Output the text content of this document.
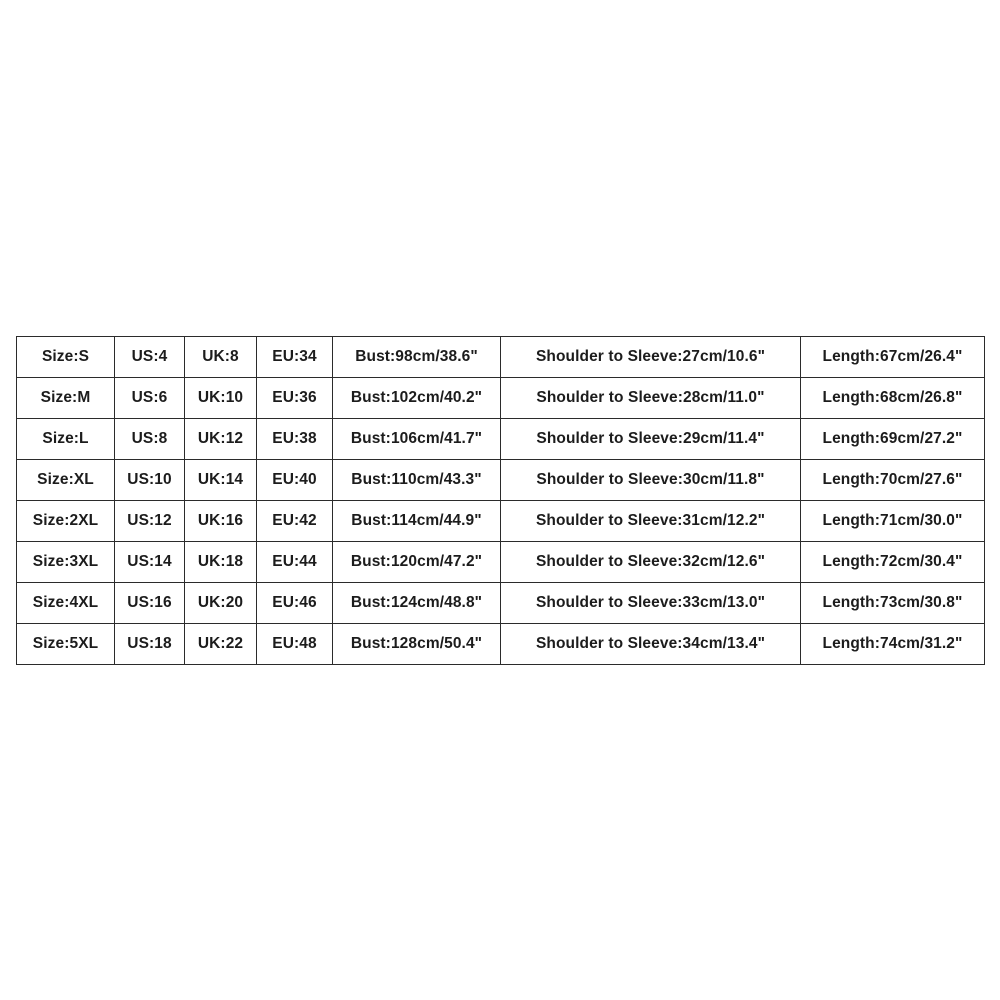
Size:S	US:4	UK:8	EU:34	Bust:98cm/38.6"	Shoulder to Sleeve:27cm/10.6"	Length:67cm/26.4"
Size:M	US:6	UK:10	EU:36	Bust:102cm/40.2"	Shoulder to Sleeve:28cm/11.0"	Length:68cm/26.8"
Size:L	US:8	UK:12	EU:38	Bust:106cm/41.7"	Shoulder to Sleeve:29cm/11.4"	Length:69cm/27.2"
Size:XL	US:10	UK:14	EU:40	Bust:110cm/43.3"	Shoulder to Sleeve:30cm/11.8"	Length:70cm/27.6"
Size:2XL	US:12	UK:16	EU:42	Bust:114cm/44.9"	Shoulder to Sleeve:31cm/12.2"	Length:71cm/30.0"
Size:3XL	US:14	UK:18	EU:44	Bust:120cm/47.2"	Shoulder to Sleeve:32cm/12.6"	Length:72cm/30.4"
Size:4XL	US:16	UK:20	EU:46	Bust:124cm/48.8"	Shoulder to Sleeve:33cm/13.0"	Length:73cm/30.8"
Size:5XL	US:18	UK:22	EU:48	Bust:128cm/50.4"	Shoulder to Sleeve:34cm/13.4"	Length:74cm/31.2"
